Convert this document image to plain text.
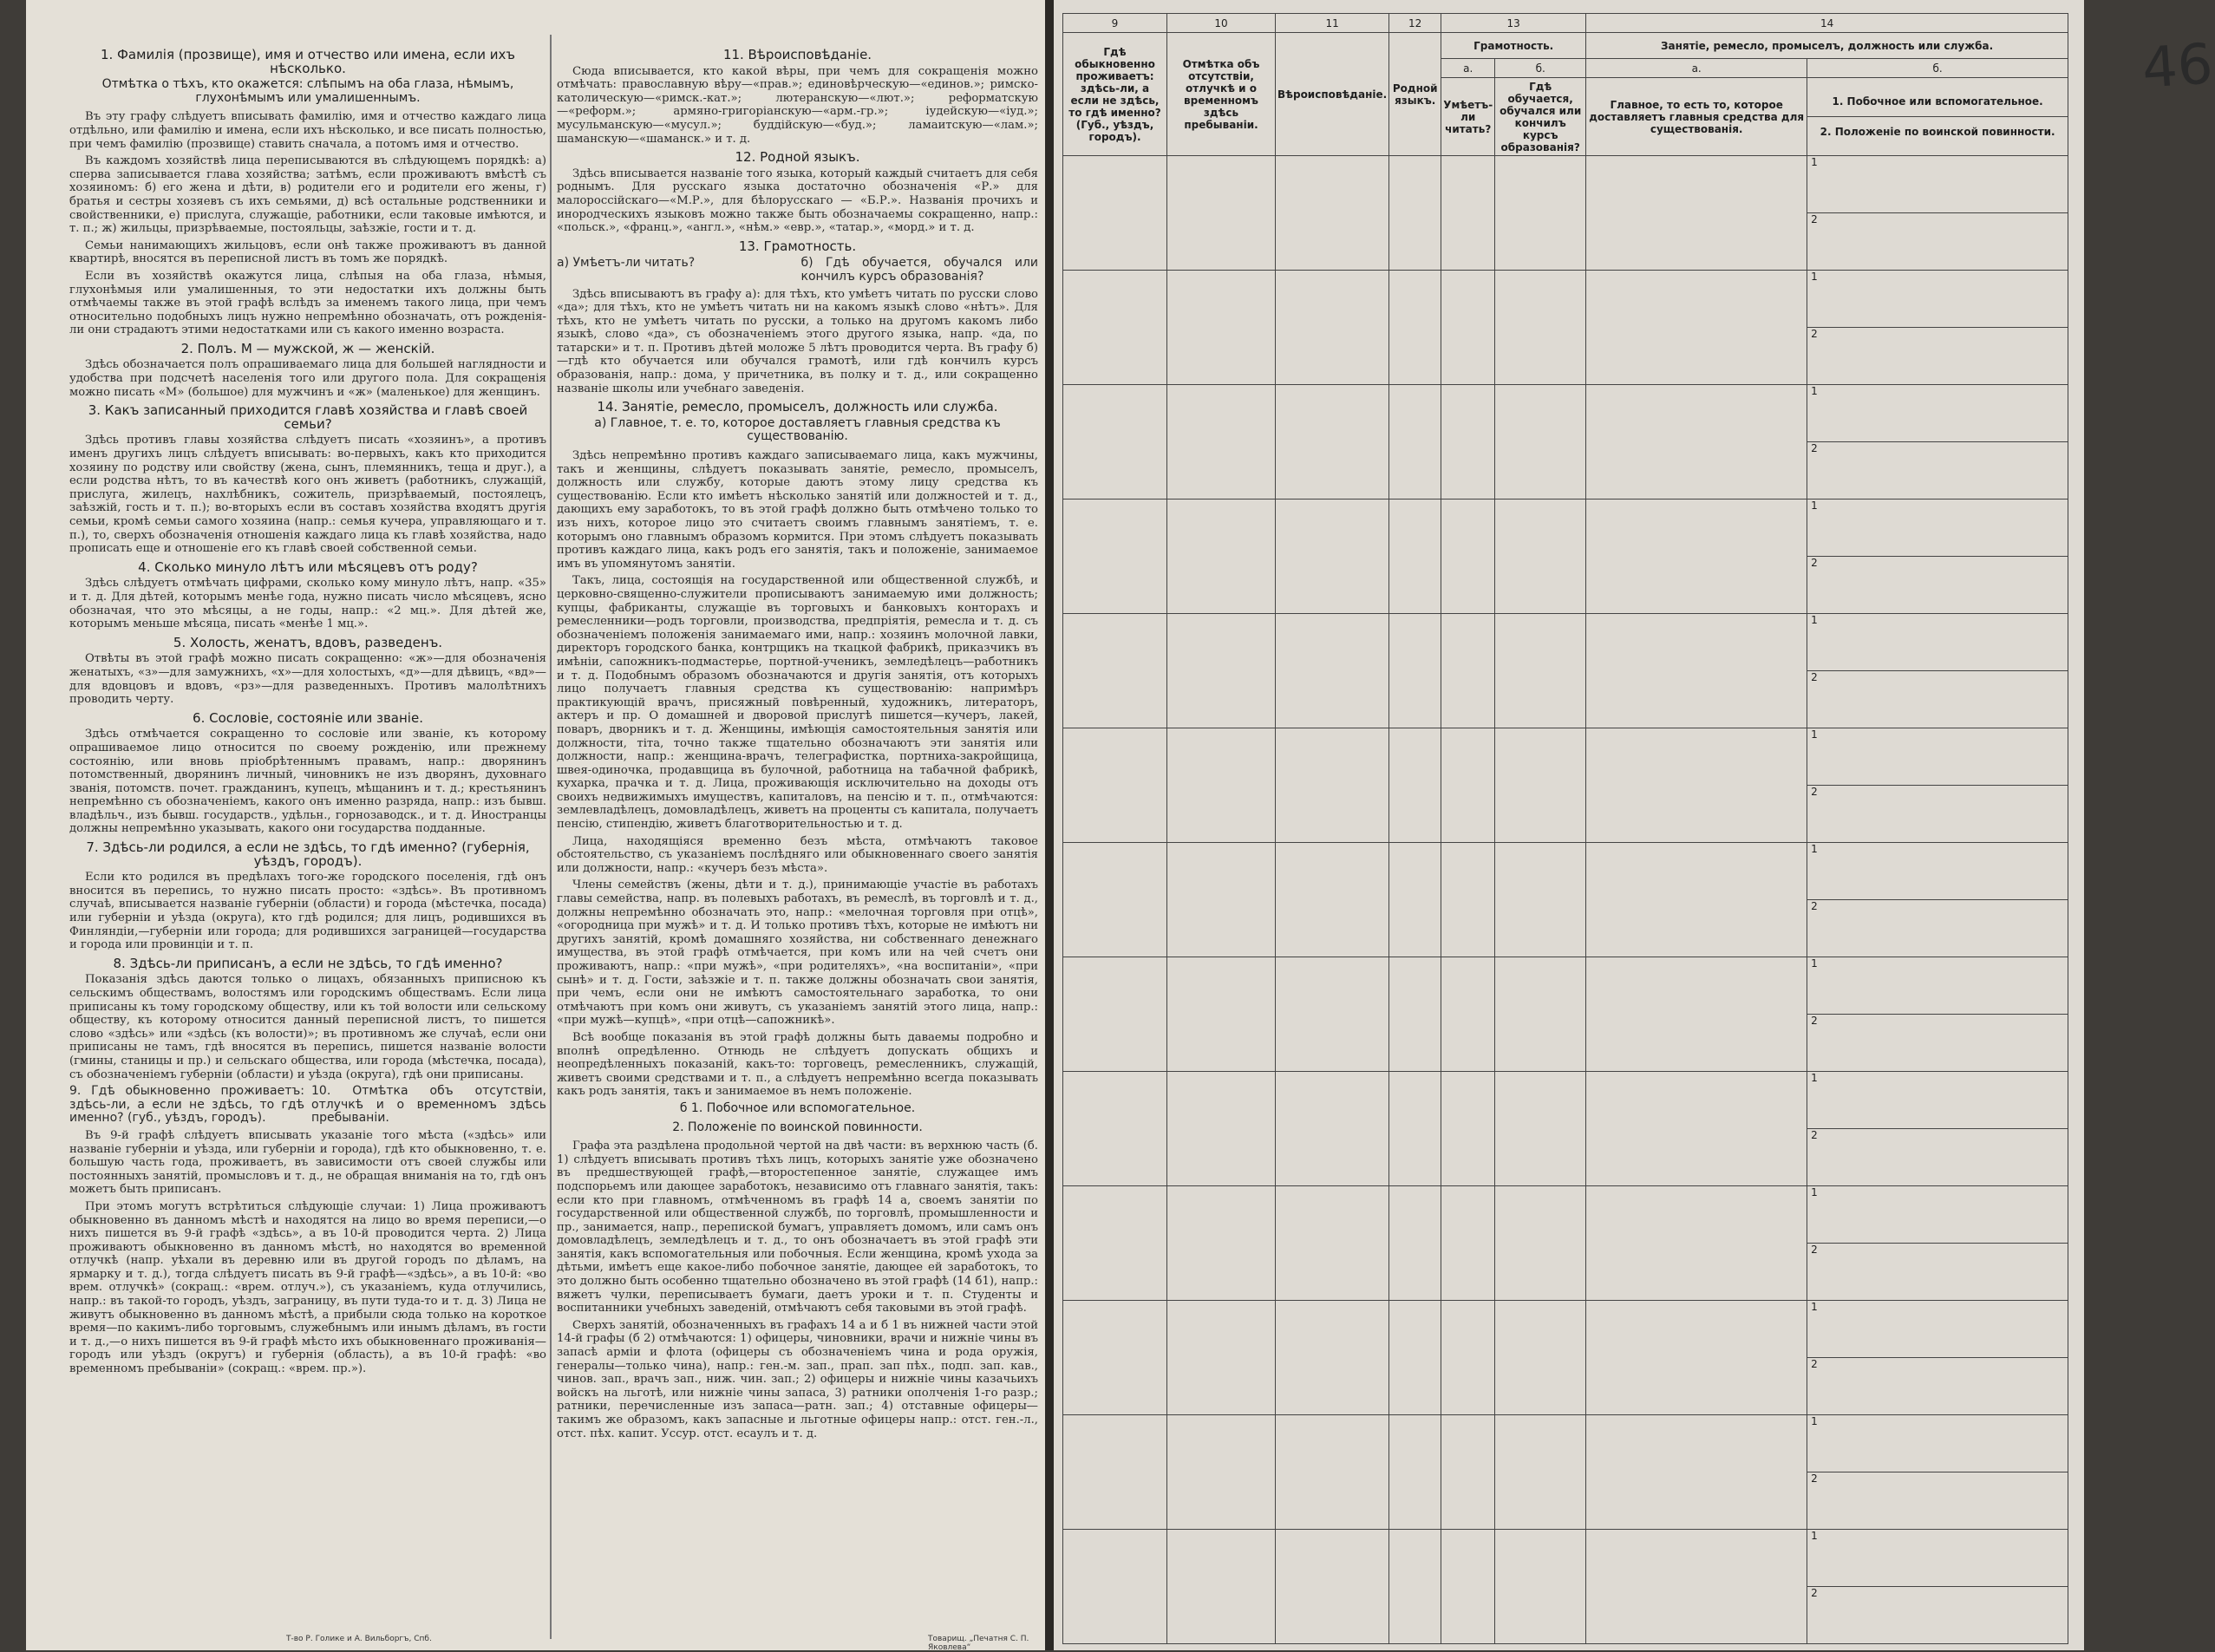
1. Фамилія (прозвище), имя и отчество или имена, если ихъ нѣсколько.
Отмѣтка о тѣхъ, кто окажется: слѣпымъ на оба глаза, нѣмымъ, глухонѣмымъ или умалишеннымъ.

Въ эту графу слѣдуетъ вписывать фамилію, имя и отчество каждаго лица отдѣльно, или фамилію и имена, если ихъ нѣсколько, и все писать полностью, при чемъ фамилію (прозвище) ставить сначала, а потомъ имя и отчество.

Въ каждомъ хозяйствѣ лица переписываются въ слѣдующемъ порядкѣ: а) сперва записывается глава хозяйства; затѣмъ, если проживаютъ вмѣстѣ съ хозяиномъ: б) его жена и дѣти, в) родители его и родители его жены, г) братья и сестры хозяевъ съ ихъ семьями, д) всѣ остальные родственники и свойственники, е) прислуга, служащіе, работники, если таковые имѣются, и т. п.; ж) жильцы, призрѣваемые, постояльцы, заѣзжіе, гости и т. д.

Семьи нанимающихъ жильцовъ, если онѣ также проживаютъ въ данной квартирѣ, вносятся въ переписной листъ въ томъ же порядкѣ.

Если въ хозяйствѣ окажутся лица, слѣпыя на оба глаза, нѣмыя, глухонѣмыя или умалишенныя, то эти недостатки ихъ должны быть отмѣчаемы также въ этой графѣ вслѣдъ за именемъ такого лица, при чемъ относительно подобныхъ лицъ нужно непремѣнно обозначать, отъ рожденія-ли они страдаютъ этими недостатками или съ какого именно возраста.

2. Полъ. М — мужской, ж — женскій.

Здѣсь обозначается полъ опрашиваемаго лица для большей наглядности и удобства при подсчетѣ населенія того или другого пола. Для сокращенія можно писать «М» (большое) для мужчинъ и «ж» (маленькое) для женщинъ.

3. Какъ записанный приходится главѣ хозяйства и главѣ своей семьи?

Здѣсь противъ главы хозяйства слѣдуетъ писать «хозяинъ», а противъ именъ другихъ лицъ слѣдуетъ вписывать: во-первыхъ, какъ кто приходится хозяину по родству или свойству (жена, сынъ, племянникъ, теща и друг.), а если родства нѣтъ, то въ качествѣ кого онъ живетъ (работникъ, служащій, прислуга, жилецъ, нахлѣбникъ, сожитель, призрѣваемый, постоялецъ, заѣзжій, гость и т. п.); во-вторыхъ если въ составъ хозяйства входятъ другія семьи, кромѣ семьи самого хозяина (напр.: семья кучера, управляющаго и т. п.), то, сверхъ обозначенія отношенія каждаго лица къ главѣ хозяйства, надо прописать еще и отношеніе его къ главѣ своей собственной семьи.

4. Сколько минуло лѣтъ или мѣсяцевъ отъ роду?

Здѣсь слѣдуетъ отмѣчать цифрами, сколько кому минуло лѣтъ, напр. «35» и т. д. Для дѣтей, которымъ менѣе года, нужно писать число мѣсяцевъ, ясно обозначая, что это мѣсяцы, а не годы, напр.: «2 мц.». Для дѣтей же, которымъ меньше мѣсяца, писать «менѣе 1 мц.».

5. Холость, женатъ, вдовъ, разведенъ.

Отвѣты въ этой графѣ можно писать сокращенно: «ж»—для обозначенія женатыхъ, «з»—для замужнихъ, «х»—для холостыхъ, «д»—для дѣвицъ, «вд»—для вдовцовъ и вдовъ, «рз»—для разведенныхъ. Противъ малолѣтнихъ проводить черту.

6. Сословіе, состояніе или званіе.

Здѣсь отмѣчается сокращенно то сословіе или званіе, къ которому опрашиваемое лицо относится по своему рожденію, или прежнему состоянію, или вновь пріобрѣтеннымъ правамъ, напр.: дворянинъ потомственный, дворянинъ личный, чиновникъ не изъ дворянъ, духовнаго званія, потомств. почет. гражданинъ, купецъ, мѣщанинъ и т. д.; крестьянинъ непремѣнно съ обозначеніемъ, какого онъ именно разряда, напр.: изъ бывш. владѣльч., изъ бывш. государств., удѣльн., горнозаводск., и т. д. Иностранцы должны непремѣнно указывать, какого они государства подданные.

7. Здѣсь-ли родился, а если не здѣсь, то гдѣ именно? (губернія, уѣздъ, городъ).

Если кто родился въ предѣлахъ того-же городского поселенія, гдѣ онъ вносится въ перепись, то нужно писать просто: «здѣсь». Въ противномъ случаѣ, вписывается названіе губерніи (области) и города (мѣстечка, посада) или губерніи и уѣзда (округа), кто гдѣ родился; для лицъ, родившихся въ Финляндіи,—губерніи или города; для родившихся заграницей—государства и города или провинціи и т. п.

8. Здѣсь-ли приписанъ, а если не здѣсь, то гдѣ именно?

Показанія здѣсь даются только о лицахъ, обязанныхъ приписною къ сельскимъ обществамъ, волостямъ или городскимъ обществамъ. Если лица приписаны къ тому городскому обществу, или къ той волости или сельскому обществу, къ которому относится данный переписной листъ, то пишется слово «здѣсь» или «здѣсь (къ волости)»; въ противномъ же случаѣ, если они приписаны не тамъ, гдѣ вносятся въ перепись, пишется названіе волости (гмины, станицы и пр.) и сельскаго общества, или города (мѣстечка, посада), съ обозначеніемъ губерніи (области) и уѣзда (округа), гдѣ они приписаны.

9. Гдѣ обыкновенно проживаетъ: здѣсь-ли, а если не здѣсь, то гдѣ именно? (губ., уѣздъ, городъ).
10. Отмѣтка объ отсутствіи, отлучкѣ и о временномъ здѣсь пребываніи.

Въ 9-й графѣ слѣдуетъ вписывать указаніе того мѣста («здѣсь» или названіе губерніи и уѣзда, или губерніи и города), гдѣ кто обыкновенно, т. е. большую часть года, проживаетъ, въ зависимости отъ своей службы или постоянныхъ занятій, промысловъ и т. д., не обращая вниманія на то, гдѣ онъ можетъ быть приписанъ.

При этомъ могутъ встрѣтиться слѣдующіе случаи: 1) Лица проживаютъ обыкновенно въ данномъ мѣстѣ и находятся на лицо во время переписи,—о нихъ пишется въ 9-й графѣ «здѣсь», а въ 10-й проводится черта. 2) Лица проживаютъ обыкновенно въ данномъ мѣстѣ, но находятся во временной отлучкѣ (напр. уѣхали въ деревню или въ другой городъ по дѣламъ, на ярмарку и т. д.), тогда слѣдуетъ писать въ 9-й графѣ—«здѣсь», а въ 10-й: «во врем. отлучкѣ» (сокращ.: «врем. отлуч.»), съ указаніемъ, куда отлучились, напр.: въ такой-то городъ, уѣздъ, заграницу, въ пути туда-то и т. д. 3) Лица не живутъ обыкновенно въ данномъ мѣстѣ, а прибыли сюда только на короткое время—по какимъ-либо торговымъ, служебнымъ или инымъ дѣламъ, въ гости и т. д.,—о нихъ пишется въ 9-й графѣ мѣсто ихъ обыкновеннаго проживанія—городъ или уѣздъ (округъ) и губернія (область), а въ 10-й графѣ: «во временномъ пребываніи» (сокращ.: «врем. пр.»).

11. Вѣроисповѣданіе.

Сюда вписывается, кто какой вѣры, при чемъ для сокращенія можно отмѣчать: православную вѣру—«прав.»; единовѣрческую—«единов.»; римско-католическую—«римск.-кат.»; лютеранскую—«лют.»; реформатскую—«реформ.»; армяно-григоріанскую—«арм.-гр.»; іудейскую—«іуд.»; мусульманскую—«мусул.»; буддійскую—«буд.»; ламаитскую—«лам.»; шаманскую—«шаманск.» и т. д.

12. Родной языкъ.

Здѣсь вписывается названіе того языка, который каждый считаетъ для себя роднымъ. Для русскаго языка достаточно обозначенія «Р.» для малороссійскаго—«М.Р.», для бѣлорусскаго — «Б.Р.». Названія прочихъ и инородческихъ языковъ можно также быть обозначаемы сокращенно, напр.: «польск.», «франц.», «англ.», «нѣм.» «евр.», «татар.», «морд.» и т. д.

13. Грамотность.
а) Умѣетъ-ли читать?	б) Гдѣ обучается, обучался или кончилъ курсъ образованія?

Здѣсь вписываютъ въ графу а): для тѣхъ, кто умѣетъ читать по русски слово «да»; для тѣхъ, кто не умѣетъ читать ни на какомъ языкѣ слово «нѣтъ». Для тѣхъ, кто не умѣетъ читать по русски, а только на другомъ какомъ либо языкѣ, слово «да», съ обозначеніемъ этого другого языка, напр. «да, по татарски» и т. п. Противъ дѣтей моложе 5 лѣтъ проводится черта. Въ графу б)—гдѣ кто обучается или обучался грамотѣ, или гдѣ кончилъ курсъ образованія, напр.: дома, у причетника, въ полку и т. д., или сокращенно названіе школы или учебнаго заведенія.

14. Занятіе, ремесло, промыселъ, должность или служба.
а) Главное, т. е. то, которое доставляетъ главныя средства къ существованію.

Здѣсь непремѣнно противъ каждаго записываемаго лица, какъ мужчины, такъ и женщины, слѣдуетъ показывать занятіе, ремесло, промыселъ, должность или службу, которые даютъ этому лицу средства къ существованію. Если кто имѣетъ нѣсколько занятій или должностей и т. д., дающихъ ему заработокъ, то въ этой графѣ должно быть отмѣчено только то изъ нихъ, которое лицо это считаетъ своимъ главнымъ занятіемъ, т. е. которымъ оно главнымъ образомъ кормится. При этомъ слѣдуетъ показывать противъ каждаго лица, какъ родъ его занятія, такъ и положеніе, занимаемое имъ въ упомянутомъ занятіи.

Такъ, лица, состоящія на государственной или общественной службѣ, и церковно-священно-служители прописываютъ занимаемую ими должность; купцы, фабриканты, служащіе въ торговыхъ и банковыхъ конторахъ и ремесленники—родъ торговли, производства, предпріятія, ремесла и т. д. съ обозначеніемъ положенія занимаемаго ими, напр.: хозяинъ молочной лавки, директоръ городского банка, контрщикъ на ткацкой фабрикѣ, приказчикъ въ имѣніи, сапожникъ-подмастерье, портной-ученикъ, земледѣлецъ—работникъ и т. д. Подобнымъ образомъ обозначаются и другія занятія, отъ которыхъ лицо получаетъ главныя средства къ существованію: напримѣръ практикующій врачъ, присяжный повѣренный, художникъ, литераторъ, актеръ и пр. О домашней и дворовой прислугѣ пишется—кучеръ, лакей, поваръ, дворникъ и т. д. Женщины, имѣющія самостоятельныя занятія или должности, тіта, точно также тщательно обозначаютъ эти занятія или должности, напр.: женщина-врачъ, телеграфистка, портниха-закройщица, швея-одиночка, продавщица въ булочной, работница на табачной фабрикѣ, кухарка, прачка и т. д. Лица, проживающія исключительно на доходы отъ своихъ недвижимыхъ имуществъ, капиталовъ, на пенсію и т. п., отмѣчаются: землевладѣлецъ, домовладѣлецъ, живетъ на проценты съ капитала, получаетъ пенсію, стипендію, живетъ благотворительностью и т. д.

Лица, находящіяся временно безъ мѣста, отмѣчаютъ таковое обстоятельство, съ указаніемъ послѣдняго или обыкновеннаго своего занятія или должности, напр.: «кучеръ безъ мѣста».

Члены семействъ (жены, дѣти и т. д.), принимающіе участіе въ работахъ главы семейства, напр. въ полевыхъ работахъ, въ ремеслѣ, въ торговлѣ и т. д., должны непремѣнно обозначать это, напр.: «мелочная торговля при отцѣ», «огородница при мужѣ» и т. д. И только противъ тѣхъ, которые не имѣютъ ни другихъ занятій, кромѣ домашняго хозяйства, ни собственнаго денежнаго имущества, въ этой графѣ отмѣчается, при комъ или на чей счетъ они проживаютъ, напр.: «при мужѣ», «при родителяхъ», «на воспитаніи», «при сынѣ» и т. д. Гости, заѣзжіе и т. п. также должны обозначать свои занятія, при чемъ, если они не имѣютъ самостоятельнаго заработка, то они отмѣчаютъ при комъ они живутъ, съ указаніемъ занятій этого лица, напр.: «при мужѣ—купцѣ», «при отцѣ—сапожникѣ».

Всѣ вообще показанія въ этой графѣ должны быть даваемы подробно и вполнѣ опредѣленно. Отнюдь не слѣдуетъ допускать общихъ и неопредѣленныхъ показаній, какъ-то: торговецъ, ремесленникъ, служащій, живетъ своими средствами и т. п., а слѣдуетъ непремѣнно всегда показывать какъ родъ занятія, такъ и занимаемое въ немъ положеніе.

б 1. Побочное или вспомогательное.
2. Положеніе по воинской повинности.

Графа эта раздѣлена продольной чертой на двѣ части: въ верхнюю часть (б. 1) слѣдуетъ вписывать противъ тѣхъ лицъ, которыхъ занятіе уже обозначено въ предшествующей графѣ,—второстепенное занятіе, служащее имъ подспорьемъ или дающее заработокъ, независимо отъ главнаго занятія, такъ: если кто при главномъ, отмѣченномъ въ графѣ 14 а, своемъ занятіи по государственной или общественной службѣ, по торговлѣ, промышленности и пр., занимается, напр., перепиской бумагъ, управляетъ домомъ, или самъ онъ домовладѣлецъ, земледѣлецъ и т. д., то онъ обозначаетъ въ этой графѣ эти занятія, какъ вспомогательныя или побочныя. Если женщина, кромѣ ухода за дѣтьми, имѣетъ еще какое-либо побочное занятіе, дающее ей заработокъ, то это должно быть особенно тщательно обозначено въ этой графѣ (14 б1), напр.: вяжетъ чулки, переписываетъ бумаги, даетъ уроки и т. п. Студенты и воспитанники учебныхъ заведеній, отмѣчаютъ себя таковыми въ этой графѣ.

Сверхъ занятій, обозначенныхъ въ графахъ 14 а и б 1 въ нижней части этой 14-й графы (б 2) отмѣчаются: 1) офицеры, чиновники, врачи и нижніе чины въ запасѣ арміи и флота (офицеры съ обозначеніемъ чина и рода оружія, генералы—только чина), напр.: ген.-м. зап., прап. зап пѣх., подп. зап. кав., чинов. зап., врачъ зап., ниж. чин. зап.; 2) офицеры и нижніе чины казачьихъ войскъ на льготѣ, или нижніе чины запаса, 3) ратники ополченія 1-го разр.; ратники, перечисленные изъ запаса—ратн. зап.; 4) отставные офицеры—такимъ же образомъ, какъ запасные и льготные офицеры напр.: отст. ген.-л., отст. пѣх. капит. Уссур. отст. есаулъ и т. д.

Т-во Р. Голике и А. Вильборгъ, Спб.	Товарищ. „Печатня С. П. Яковлева“
9	10	11	12	13		14	
Гдѣ обыкновенно проживаетъ: здѣсь-ли, а если не здѣсь, то гдѣ именно? (Губ., уѣздъ, городъ).	Отмѣтка объ отсутствіи, отлучкѣ и о временномъ здѣсь пребываніи.	Вѣроисповѣданіе.	Родной языкъ.	Грамотность.		Занятіе, ремесло, промыселъ, должность или служба.	
				а.	б.	а.	б.
				Умѣетъ-ли читать?	Гдѣ обучается, обучался или кончилъ курсъ образованія?	Главное, то есть то, которое доставляетъ главныя средства для существованія.	1. Побочное или вспомогательное.
2. Положеніе по воинской повинности.

							1
2

							1
2

							1
2

							1
2

							1
2

							1
2

							1
2

							1
2

							1
2

							1
2

							1
2

							1
2

							1
2
46
